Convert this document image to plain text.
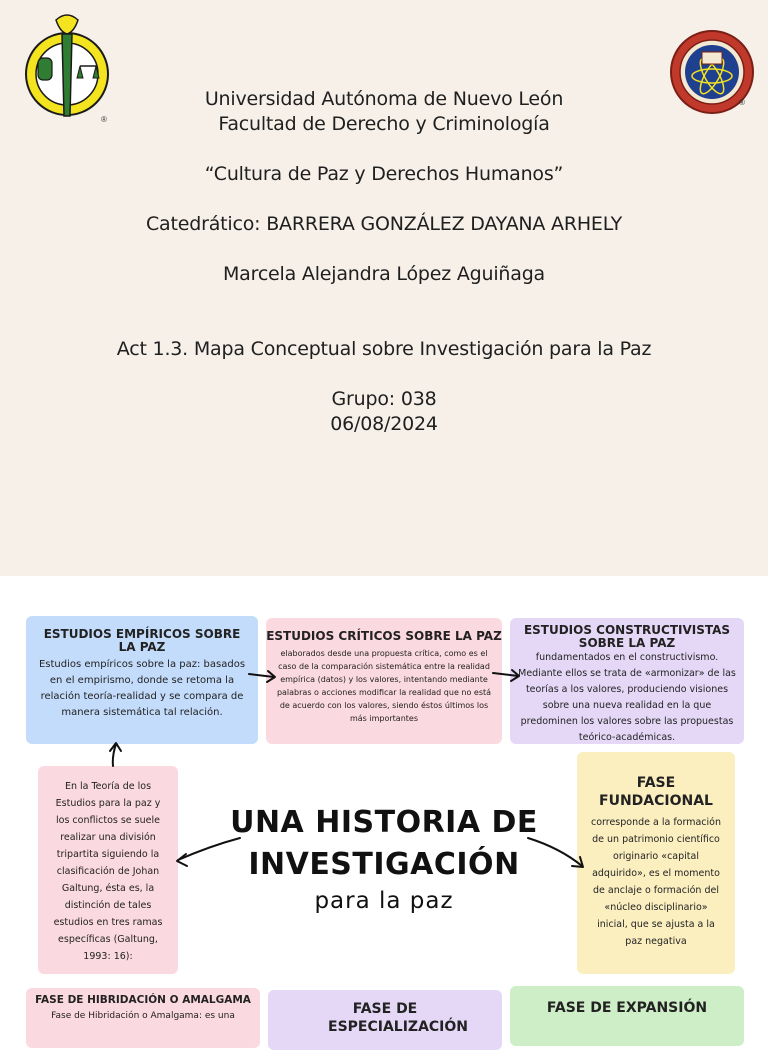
®
®
Universidad Autónoma de Nuevo León
Facultad de Derecho y Criminología
“Cultura de Paz y Derechos Humanos”
Catedrático: BARRERA GONZÁLEZ DAYANA ARHELY
Marcela Alejandra López Aguiñaga
Act 1.3. Mapa Conceptual sobre Investigación para la Paz
Grupo: 038
06/08/2024
ESTUDIOS EMPÍRICOS SOBRE LA PAZ
Estudios empíricos sobre la paz: basados en el empirismo, donde se retoma la relación teoría-realidad y se compara de manera sistemática tal relación.
ESTUDIOS CRÍTICOS SOBRE LA PAZ
elaborados desde una propuesta crítica, como es el caso de la comparación sistemática entre la realidad empírica (datos) y los valores, intentando mediante palabras o acciones modificar la realidad que no está de acuerdo con los valores, siendo éstos últimos los más importantes
ESTUDIOS CONSTRUCTIVISTAS SOBRE LA PAZ
fundamentados en el constructivismo. Mediante ellos se trata de «armonizar» de las teorías a los valores, produciendo visiones sobre una nueva realidad en la que predominen los valores sobre las propuestas teórico-académicas.
En la Teoría de los Estudios para la paz y los conflictos se suele realizar una división tripartita siguiendo la clasificación de Johan Galtung, ésta es, la distinción de tales estudios en tres ramas específicas (Galtung, 1993: 16):
UNA HISTORIA DE
INVESTIGACIÓN
para la paz
FASE FUNDACIONAL
corresponde a la formación de un patrimonio científico originario «capital adquirido», es el momento de anclaje o formación del «núcleo disciplinario» inicial, que se ajusta a la paz negativa
FASE DE HIBRIDACIÓN O AMALGAMA
Fase de Hibridación o Amalgama: es una	FASE DE ESPECIALIZACIÓN
FASE DE EXPANSIÓN
